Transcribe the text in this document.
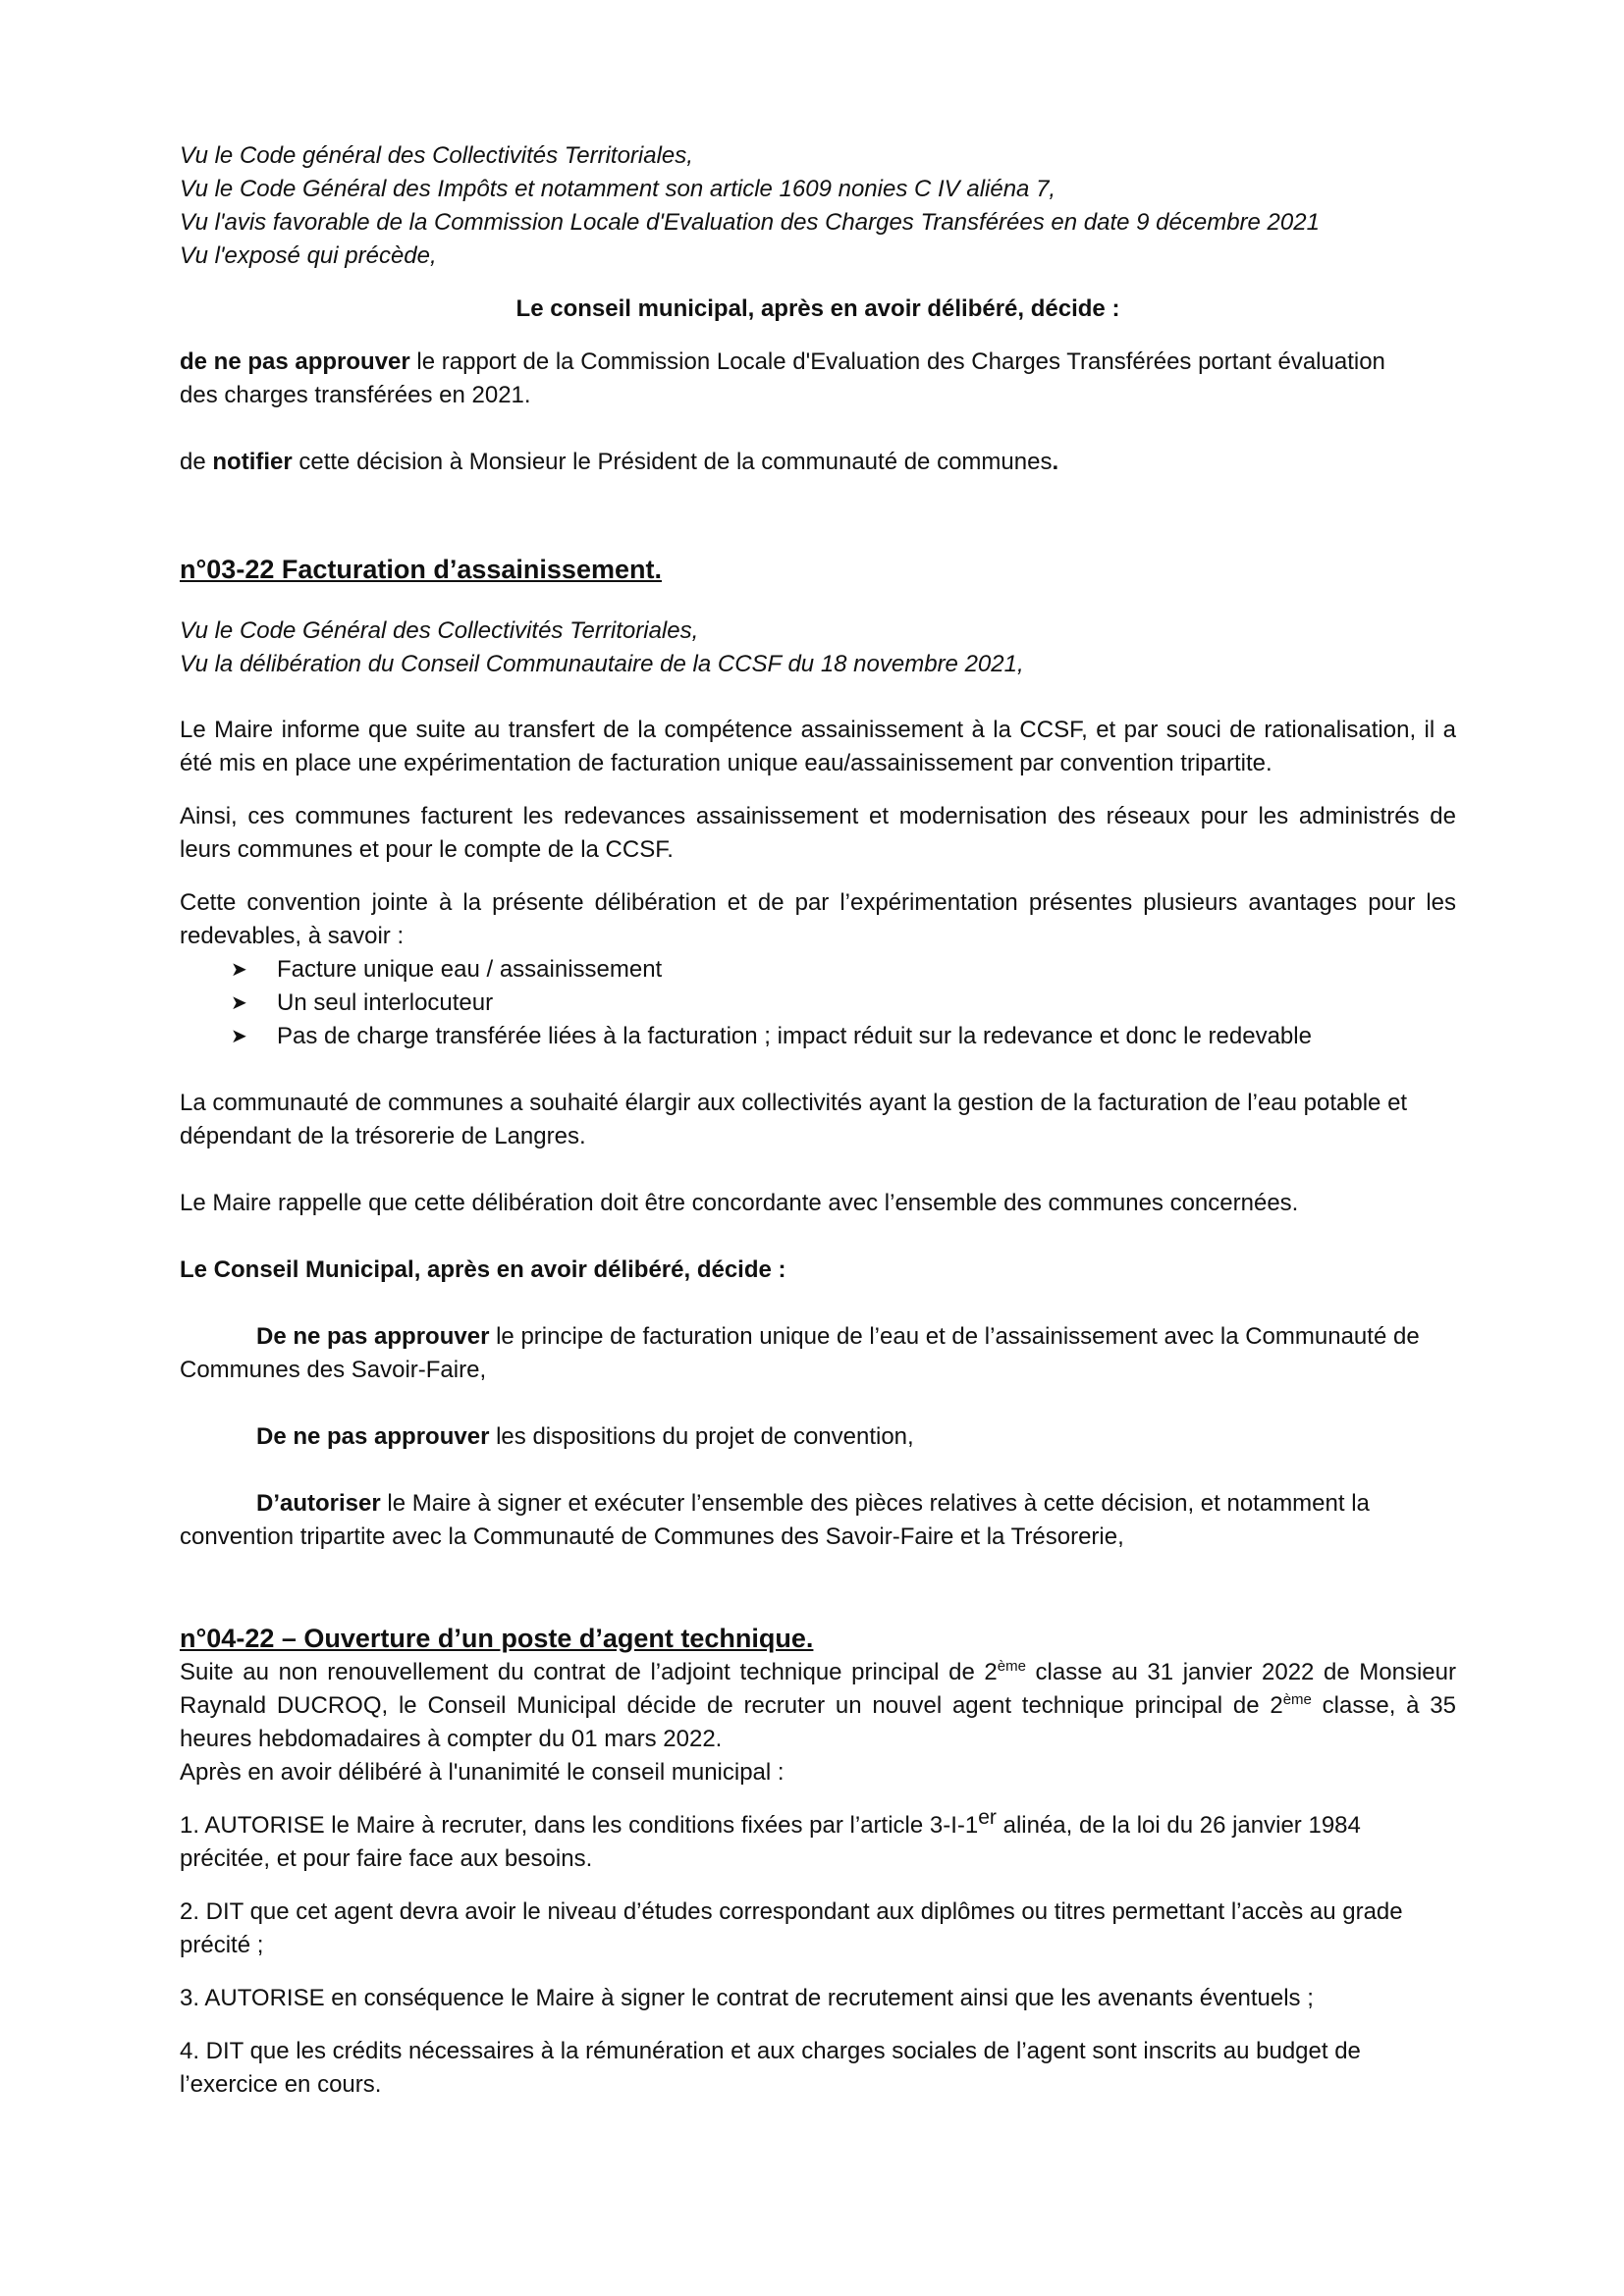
Vu le Code général des Collectivités Territoriales,

Vu le Code Général des Impôts et notamment son article 1609 nonies C IV aliéna 7,

Vu l'avis favorable de la Commission Locale d'Evaluation des Charges Transférées en date 9 décembre 2021

Vu l'exposé qui précède,

Le conseil municipal, après en avoir délibéré, décide :

de ne pas approuver le rapport de la Commission Locale d'Evaluation des Charges Transférées portant évaluation des charges transférées en 2021.

de notifier cette décision à Monsieur le Président de la communauté de communes.

n°03-22 Facturation d’assainissement.

Vu le Code Général des Collectivités Territoriales,

Vu la délibération du Conseil Communautaire de la CCSF du 18 novembre 2021,

Le Maire informe que suite au transfert de la compétence assainissement à la CCSF, et par souci de rationalisation, il a été mis en place une expérimentation de facturation unique eau/assainissement par convention tripartite.

Ainsi, ces communes facturent les redevances assainissement et modernisation des réseaux pour les administrés de leurs communes et pour le compte de la CCSF.

Cette convention jointe à la présente délibération et de par l’expérimentation présentes plusieurs avantages pour les redevables, à savoir :

➤ Facture unique eau / assainissement
➤ Un seul interlocuteur
➤ Pas de charge transférée liées à la facturation ; impact réduit sur la redevance et donc le redevable

La communauté de communes a souhaité élargir aux collectivités ayant la gestion de la facturation de l’eau potable et dépendant de la trésorerie de Langres.

Le Maire rappelle que cette délibération doit être concordante avec l’ensemble des communes concernées.

Le Conseil Municipal, après en avoir délibéré, décide :

De ne pas approuver le principe de facturation unique de l’eau et de l’assainissement avec la Communauté de Communes des Savoir-Faire,

De ne pas approuver les dispositions du projet de convention,

D’autoriser le Maire à signer et exécuter l’ensemble des pièces relatives à cette décision, et notamment la convention tripartite avec la Communauté de Communes des Savoir-Faire et la Trésorerie,

n°04-22 – Ouverture d’un poste d’agent technique.

Suite au non renouvellement du contrat de l’adjoint technique principal de 2ème classe au 31 janvier 2022 de Monsieur Raynald DUCROQ, le Conseil Municipal décide de recruter un nouvel agent technique principal de 2ème classe, à 35 heures hebdomadaires à compter du 01 mars 2022.

Après en avoir délibéré à l'unanimité le conseil municipal :

1. AUTORISE le Maire à recruter, dans les conditions fixées par l’article 3-I-1er alinéa, de la loi du 26 janvier 1984 précitée, et pour faire face aux besoins.

2. DIT que cet agent devra avoir le niveau d’études correspondant aux diplômes ou titres permettant l’accès au grade précité ;

3. AUTORISE en conséquence le Maire à signer le contrat de recrutement ainsi que les avenants éventuels ;

4. DIT que les crédits nécessaires à la rémunération et aux charges sociales de l’agent sont inscrits au budget de l’exercice en cours.
